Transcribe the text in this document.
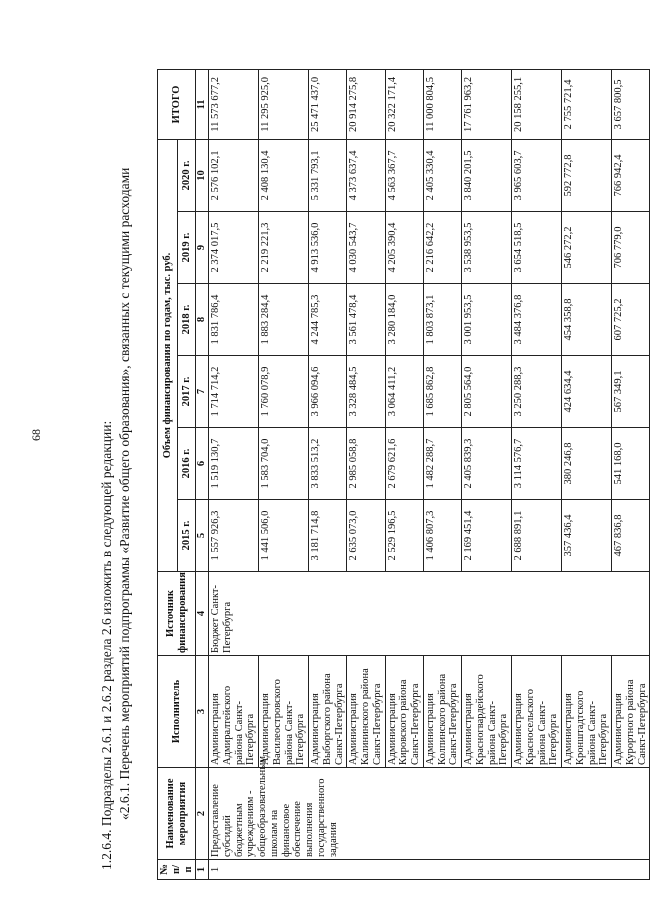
68	1.2.6.4. Подразделы 2.6.1 и 2.6.2 раздела 2.6 изложить в следующей редакции: «2.6.1. Перечень мероприятий подпрограммы «Развитие общего образования», связанных с текущими расходами
№ п/п	Наименование мероприятия	Исполнитель	Источник финансирования	Объем финансирования по годам, тыс. руб.						ИТОГО
				2015 г.	2016 г.	2017 г.	2018 г.	2019 г.	2020 г.	
1	2	3	4	5	6	7	8	9	10	11
1	Предоставление субсидий бюджетным учреждениям - общеобразовательным школам на финансовое обеспечение выполнения государственного задания	Администрация Адмиралтейского района Санкт-Петербурга	Бюджет Санкт-Петербурга	1 557 926,3	1 519 130,7	1 714 714,2	1 831 786,4	2 374 017,5	2 576 102,1	11 573 677,2
		Администрация Василеостровского района Санкт-Петербурга		1 441 506,0	1 583 704,0	1 760 078,9	1 883 284,4	2 219 221,3	2 408 130,4	11 295 925,0
		Администрация Выборгского района Санкт-Петербурга		3 181 714,8	3 833 513,2	3 966 094,6	4 244 785,3	4 913 536,0	5 331 793,1	25 471 437,0
		Администрация Калининского района Санкт-Петербурга		2 635 073,0	2 985 058,8	3 328 484,5	3 561 478,4	4 030 543,7	4 373 637,4	20 914 275,8
		Администрация Кировского района Санкт-Петербурга		2 529 196,5	2 679 621,6	3 064 411,2	3 280 184,0	4 205 390,4	4 563 367,7	20 322 171,4
		Администрация Колпинского района Санкт-Петербурга		1 406 807,3	1 482 288,7	1 685 862,8	1 803 873,1	2 216 642,2	2 405 330,4	11 000 804,5
		Администрация Красногвардейского района Санкт-Петербурга		2 169 451,4	2 405 839,3	2 805 564,0	3 001 953,5	3 538 953,5	3 840 201,5	17 761 963,2
		Администрация Красносельского района Санкт-Петербурга		2 688 891,1	3 114 576,7	3 250 288,3	3 484 376,8	3 654 518,5	3 965 603,7	20 158 255,1
		Администрация Кронштадтского района Санкт-Петербурга		357 436,4	380 246,8	424 634,4	454 358,8	546 272,2	592 772,8	2 755 721,4
		Администрация Курортного района Санкт-Петербурга		467 836,8	541 168,0	567 349,1	607 725,2	706 779,0	766 942,4	3 657 800,5
